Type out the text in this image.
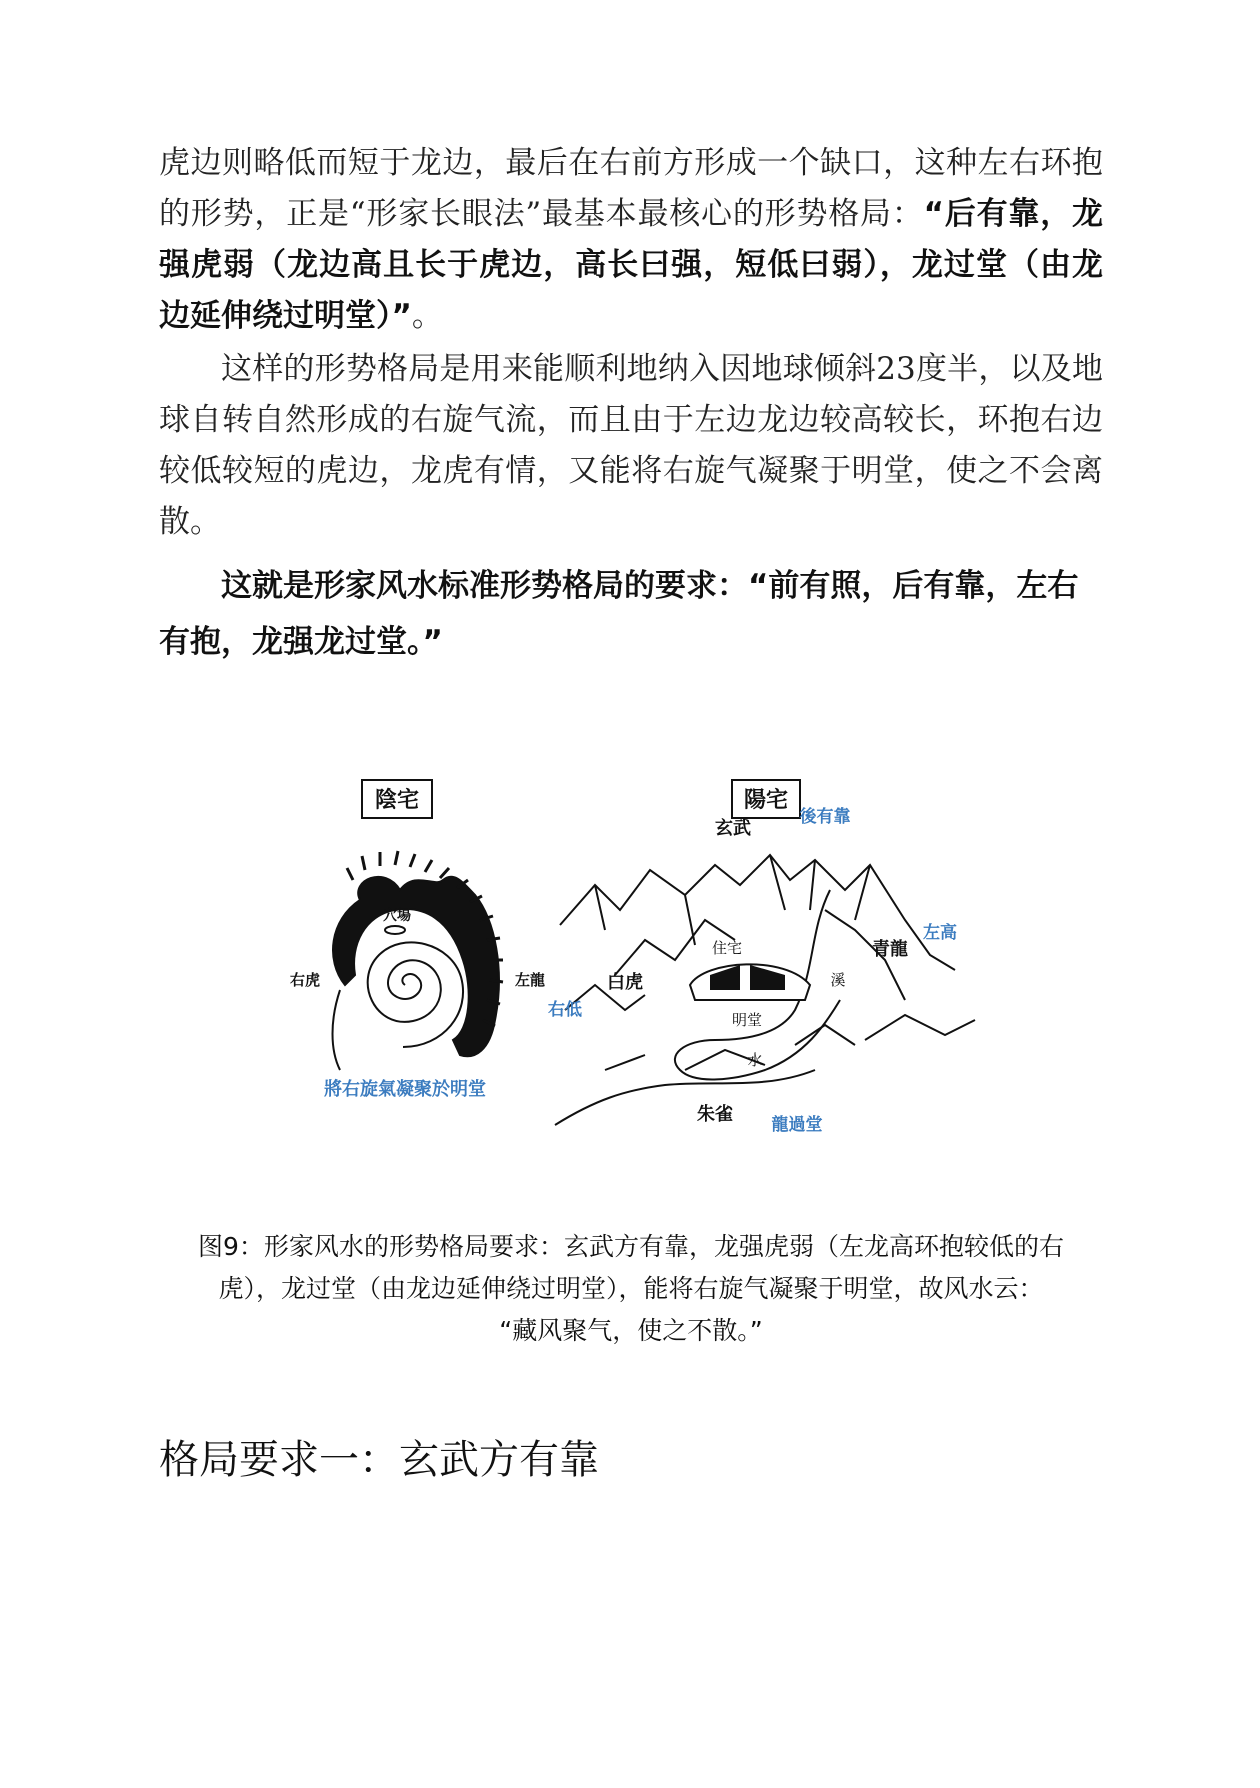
虎边则略低而短于龙边，最后在右前方形成一个缺口，这种左右环抱的形势，正是“形家长眼法”最基本最核心的形势格局：“后有靠，龙强虎弱（龙边高且长于虎边，高长曰强，短低曰弱），龙过堂（由龙边延伸绕过明堂）”。

这样的形势格局是用来能顺利地纳入因地球倾斜23度半，以及地球自转自然形成的右旋气流，而且由于左边龙边较高较长，环抱右边较低较短的虎边，龙虎有情，又能将右旋气凝聚于明堂，使之不会离散。

这就是形家风水标准形势格局的要求：“前有照，后有靠，左右有抱，龙强龙过堂。”

陰宅
穴場
右虎	左龍
將右旋氣凝聚於明堂
陽宅
住宅
玄武
後有靠
青龍
左高
白虎
右低
溪
明堂
水
朱雀 龍過堂
图9：形家风水的形势格局要求：玄武方有靠，龙强虎弱（左龙高环抱较低的右
虎），龙过堂（由龙边延伸绕过明堂），能将右旋气凝聚于明堂，故风水云：
“藏风聚气，使之不散。”
格局要求一：玄武方有靠
